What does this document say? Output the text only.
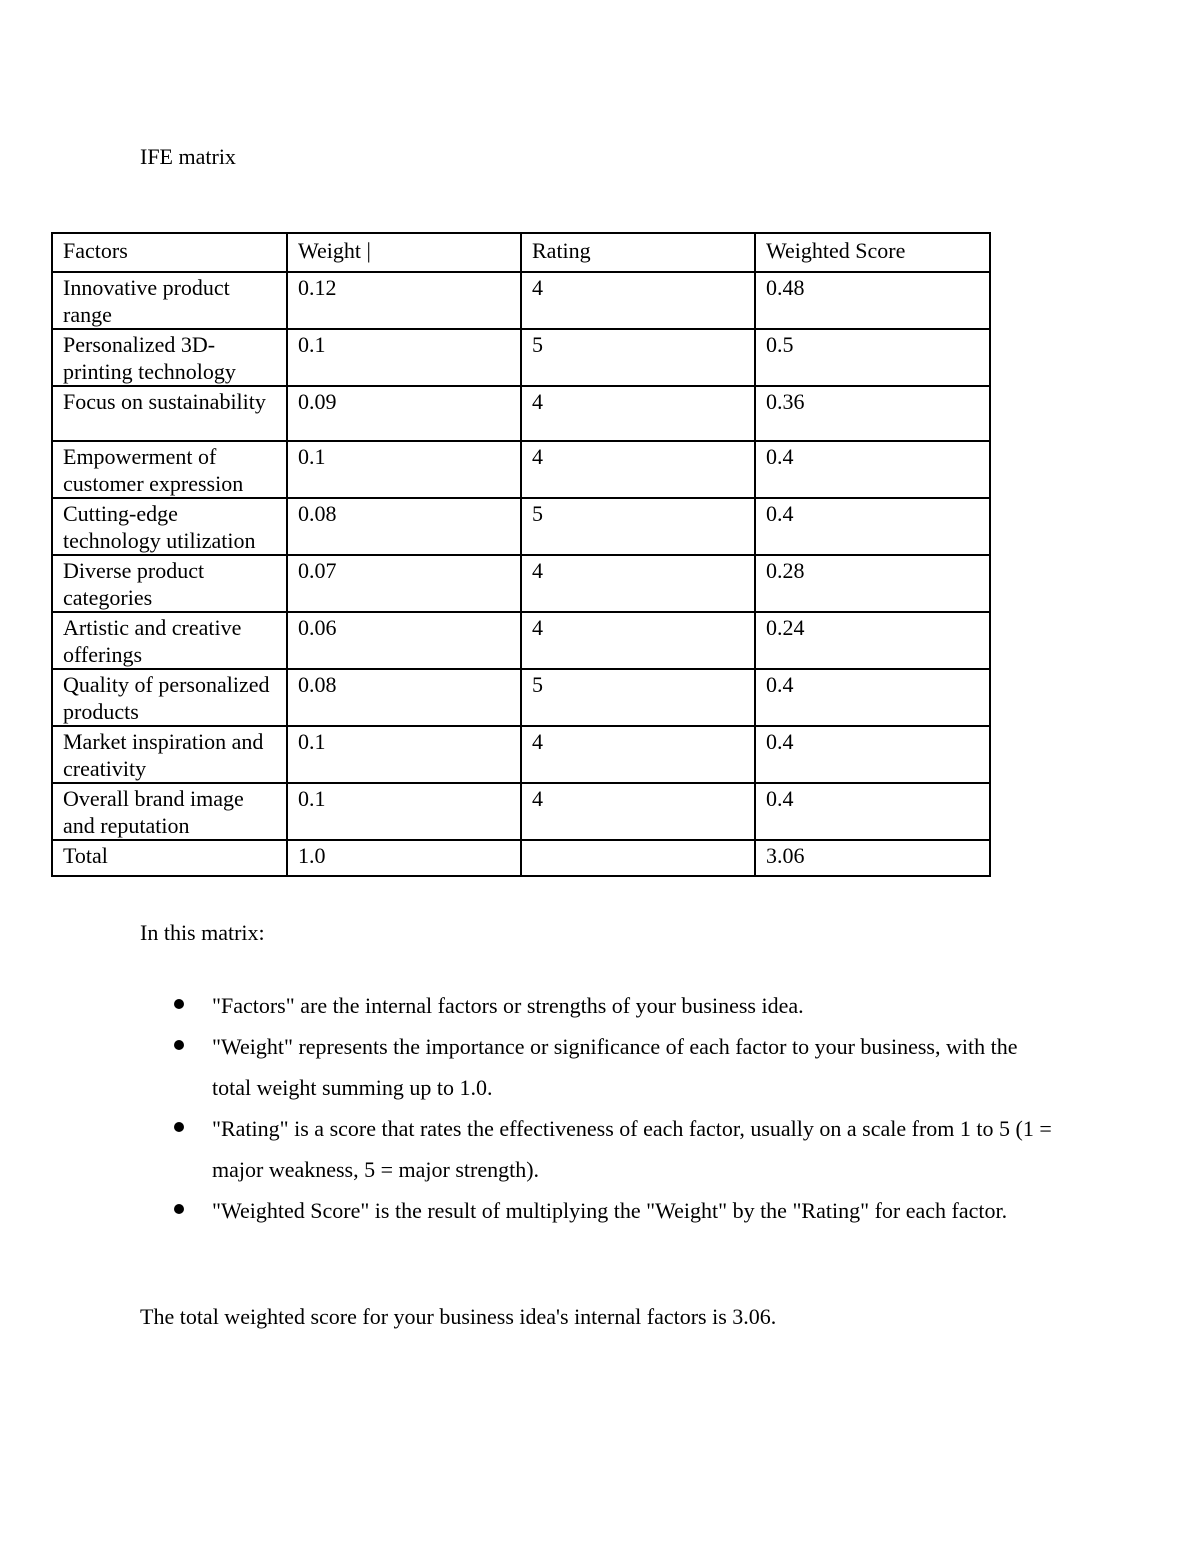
IFE matrix
Factors	Weight |	Rating	Weighted Score
Innovative product range	0.12	4	0.48
Personalized 3D-printing technology	0.1	5	0.5
Focus on sustainability	0.09	4	0.36
Empowerment of customer expression	0.1	4	0.4
Cutting-edge technology utilization	0.08	5	0.4
Diverse product categories	0.07	4	0.28
Artistic and creative offerings	0.06	4	0.24
Quality of personalized products	0.08	5	0.4
Market inspiration and creativity	0.1	4	0.4
Overall brand image and reputation	0.1	4	0.4
Total	1.0		3.06
In this matrix:
"Factors" are the internal factors or strengths of your business idea.
"Weight" represents the importance or significance of each factor to your business, with the total weight summing up to 1.0.
"Rating" is a score that rates the effectiveness of each factor, usually on a scale from 1 to 5 (1 = major weakness, 5 = major strength).
"Weighted Score" is the result of multiplying the "Weight" by the "Rating" for each factor.
The total weighted score for your business idea's internal factors is 3.06.
